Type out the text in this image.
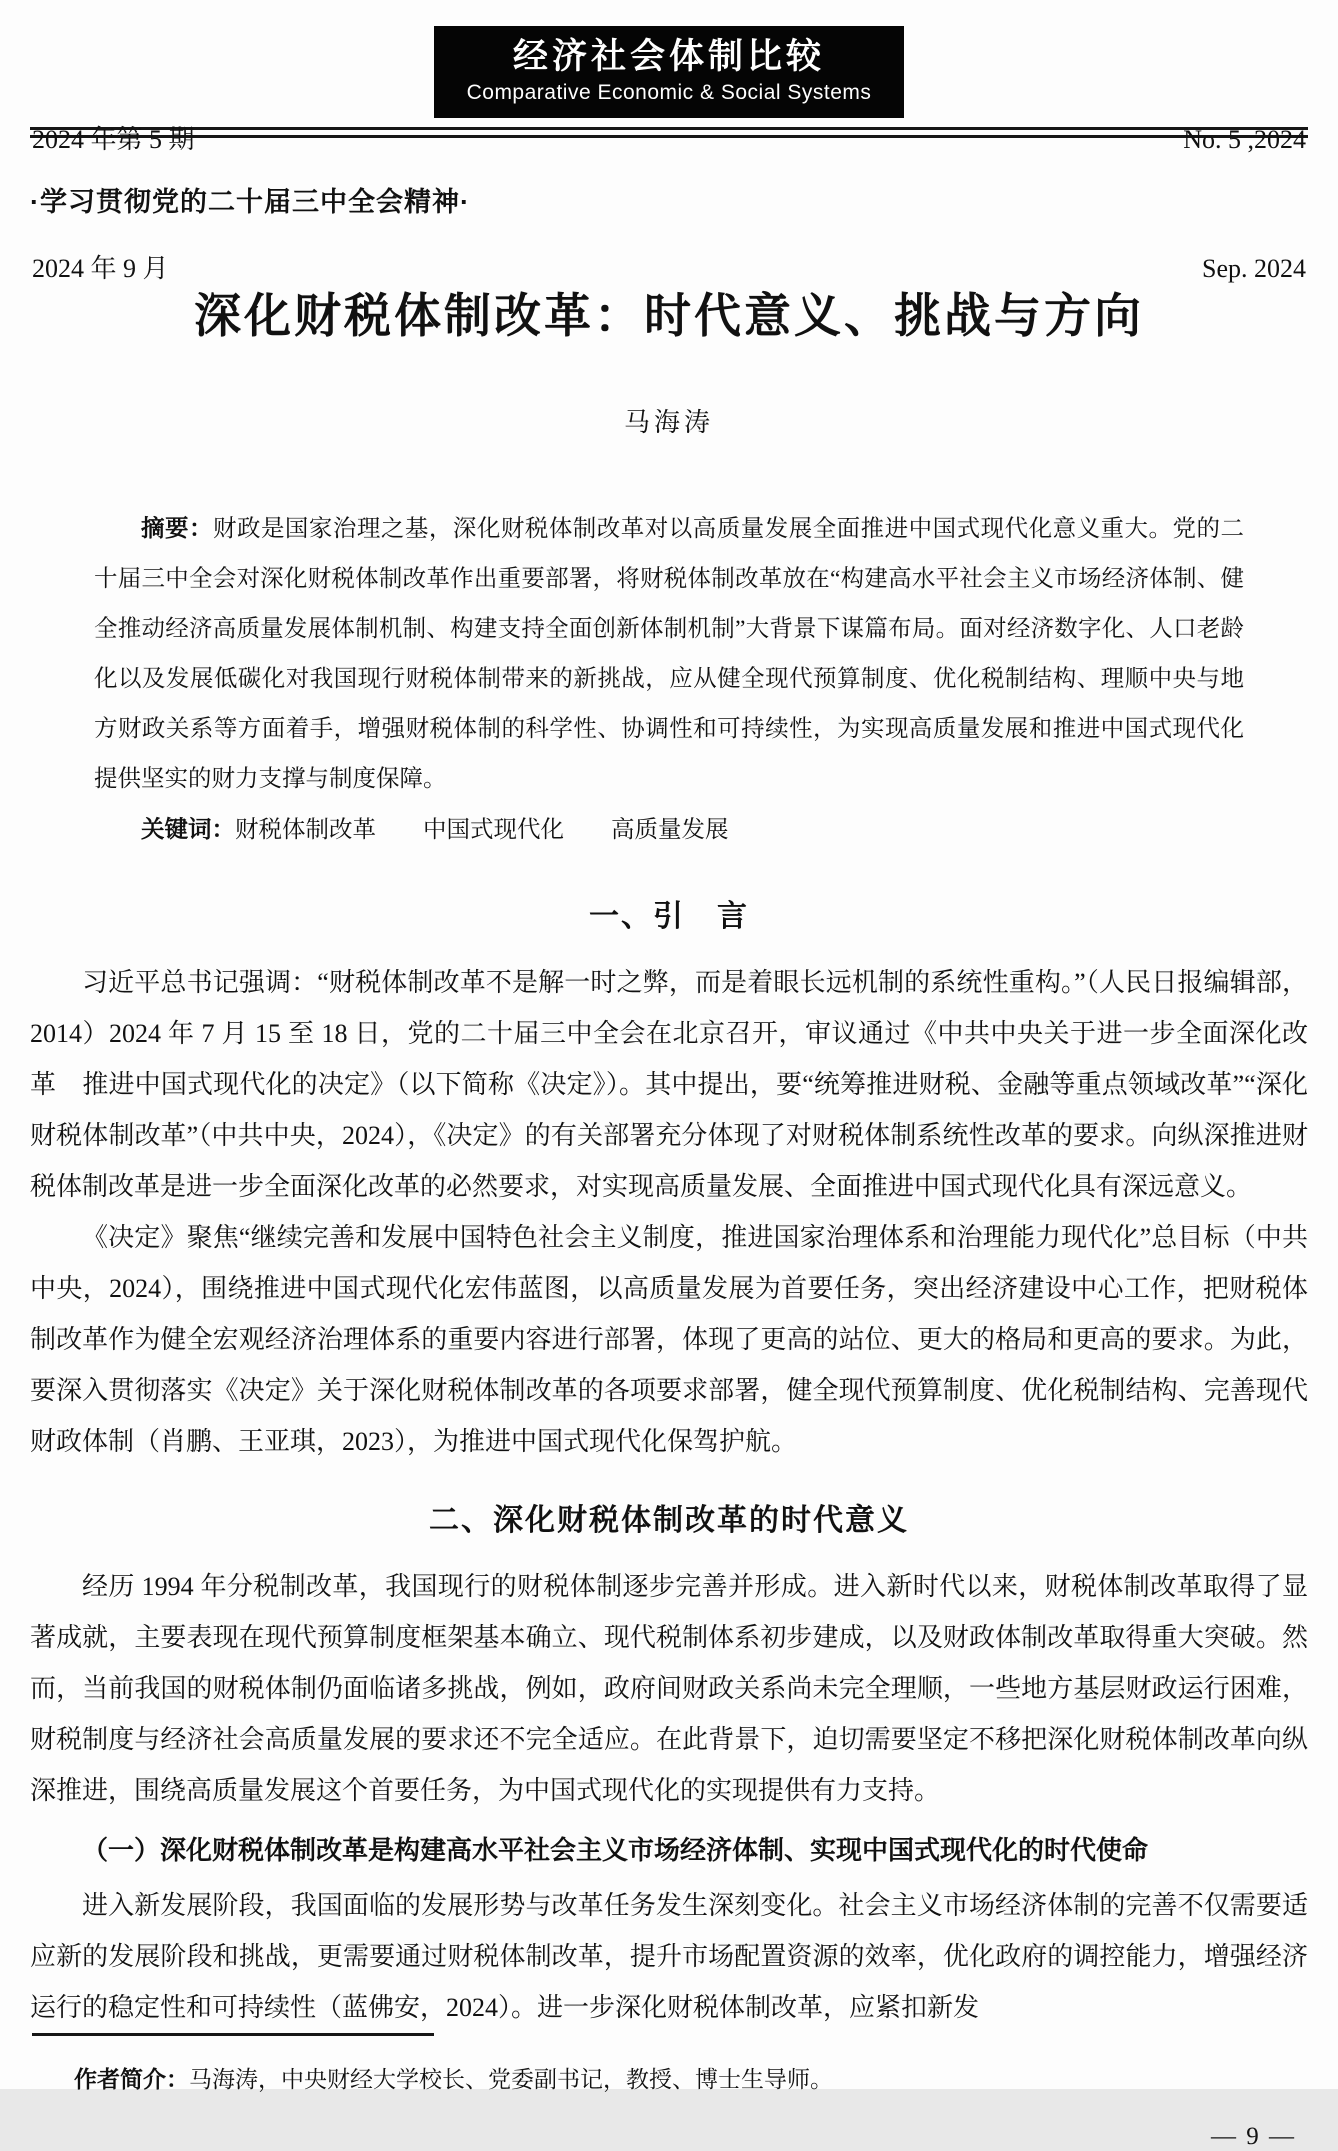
2024 年第 5 期

2024 年 9 月

经济社会体制比较
Comparative Economic & Social Systems

No. 5 ,2024

Sep. 2024

·学习贯彻党的二十届三中全会精神·
深化财税体制改革：时代意义、挑战与方向
马海涛

摘要：财政是国家治理之基，深化财税体制改革对以高质量发展全面推进中国式现代化意义重大。党的二十届三中全会对深化财税体制改革作出重要部署，将财税体制改革放在“构建高水平社会主义市场经济体制、健全推动经济高质量发展体制机制、构建支持全面创新体制机制”大背景下谋篇布局。面对经济数字化、人口老龄化以及发展低碳化对我国现行财税体制带来的新挑战，应从健全现代预算制度、优化税制结构、理顺中央与地方财政关系等方面着手，增强财税体制的科学性、协调性和可持续性，为实现高质量发展和推进中国式现代化提供坚实的财力支撑与制度保障。

关键词：财税体制改革　　中国式现代化　　高质量发展

一、引　言

习近平总书记强调：“财税体制改革不是解一时之弊，而是着眼长远机制的系统性重构。”（人民日报编辑部，2014）2024 年 7 月 15 至 18 日，党的二十届三中全会在北京召开，审议通过《中共中央关于进一步全面深化改革　推进中国式现代化的决定》（以下简称《决定》）。其中提出，要“统筹推进财税、金融等重点领域改革”“深化财税体制改革”（中共中央，2024），《决定》的有关部署充分体现了对财税体制系统性改革的要求。向纵深推进财税体制改革是进一步全面深化改革的必然要求，对实现高质量发展、全面推进中国式现代化具有深远意义。

《决定》聚焦“继续完善和发展中国特色社会主义制度，推进国家治理体系和治理能力现代化”总目标（中共中央，2024），围绕推进中国式现代化宏伟蓝图，以高质量发展为首要任务，突出经济建设中心工作，把财税体制改革作为健全宏观经济治理体系的重要内容进行部署，体现了更高的站位、更大的格局和更高的要求。为此，要深入贯彻落实《决定》关于深化财税体制改革的各项要求部署，健全现代预算制度、优化税制结构、完善现代财政体制（肖鹏、王亚琪，2023），为推进中国式现代化保驾护航。

二、深化财税体制改革的时代意义

经历 1994 年分税制改革，我国现行的财税体制逐步完善并形成。进入新时代以来，财税体制改革取得了显著成就，主要表现在现代预算制度框架基本确立、现代税制体系初步建成，以及财政体制改革取得重大突破。然而，当前我国的财税体制仍面临诸多挑战，例如，政府间财政关系尚未完全理顺，一些地方基层财政运行困难，财税制度与经济社会高质量发展的要求还不完全适应。在此背景下，迫切需要坚定不移把深化财税体制改革向纵深推进，围绕高质量发展这个首要任务，为中国式现代化的实现提供有力支持。

（一）深化财税体制改革是构建高水平社会主义市场经济体制、实现中国式现代化的时代使命

进入新发展阶段，我国面临的发展形势与改革任务发生深刻变化。社会主义市场经济体制的完善不仅需要适应新的发展阶段和挑战，更需要通过财税体制改革，提升市场配置资源的效率，优化政府的调控能力，增强经济运行的稳定性和可持续性（蓝佛安，2024）。进一步深化财税体制改革，应紧扣新发

作者简介：马海涛，中央财经大学校长、党委副书记，教授、博士生导师。

— 9 —
